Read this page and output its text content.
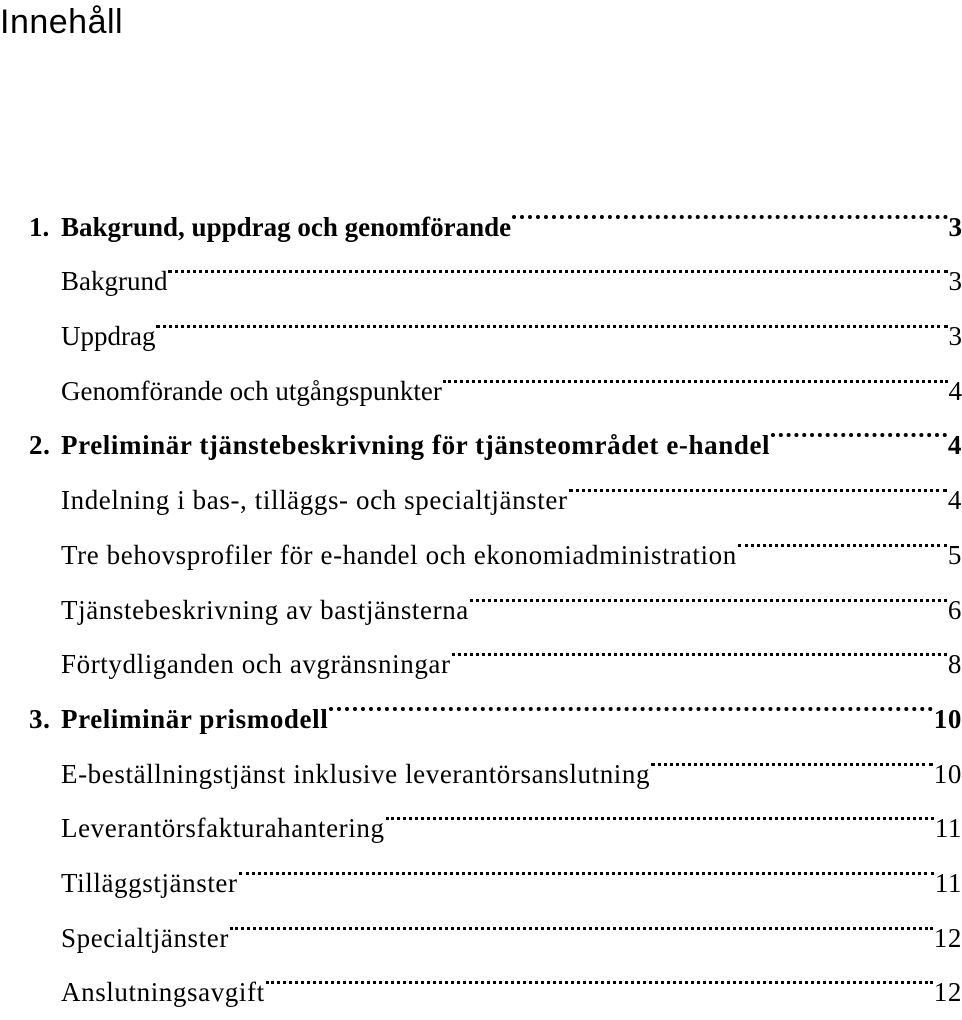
Innehåll
1. Bakgrund, uppdrag och genomförande	3
Bakgrund	3
Uppdrag	3
Genomförande och utgångspunkter	4
2. Preliminär tjänstebeskrivning för tjänsteområdet e-handel	4
Indelning i bas-, tilläggs- och specialtjänster	4
Tre behovsprofiler för e-handel och ekonomiadministration	5
Tjänstebeskrivning av bastjänsterna	6
Förtydliganden och avgränsningar	8
3. Preliminär prismodell	10
E-beställningstjänst inklusive leverantörsanslutning	10
Leverantörsfakturahantering	11
Tilläggstjänster	11
Specialtjänster	12
Anslutningsavgift	12
